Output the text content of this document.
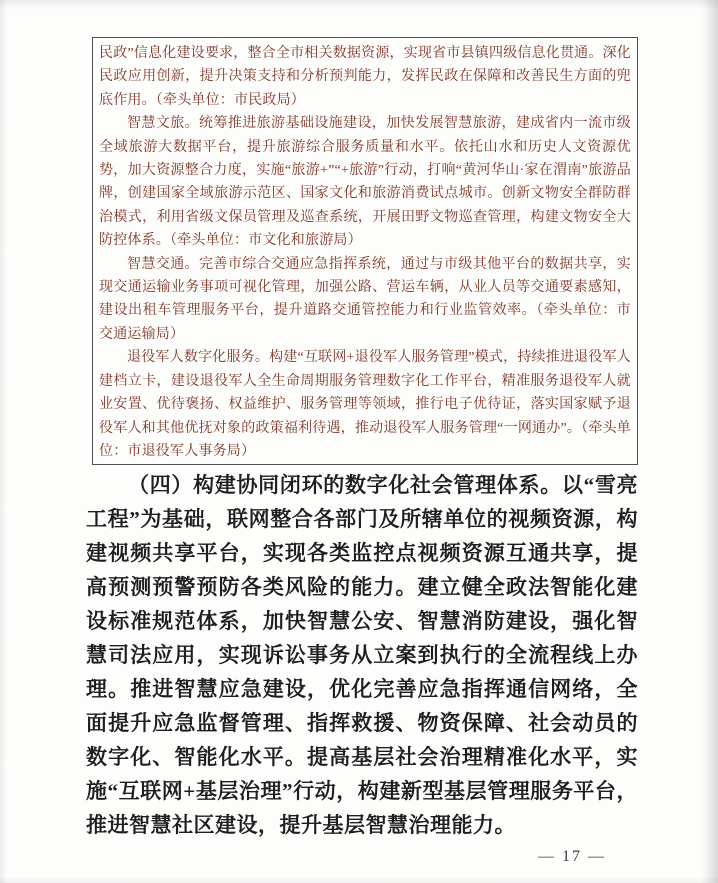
民政”信息化建设要求，整合全市相关数据资源，实现省市县镇四级信息化贯通。深化民政应用创新，提升决策支持和分析预判能力，发挥民政在保障和改善民生方面的兜底作用。（牵头单位：市民政局）

智慧文旅。统筹推进旅游基础设施建设，加快发展智慧旅游，建成省内一流市级全域旅游大数据平台，提升旅游综合服务质量和水平。依托山水和历史人文资源优势，加大资源整合力度，实施“旅游+”“+旅游”行动，打响“黄河华山·家在渭南”旅游品牌，创建国家全域旅游示范区、国家文化和旅游消费试点城市。创新文物安全群防群治模式，利用省级文保员管理及巡查系统，开展田野文物巡查管理，构建文物安全大防控体系。（牵头单位：市文化和旅游局）

智慧交通。完善市综合交通应急指挥系统，通过与市级其他平台的数据共享，实现交通运输业务事项可视化管理，加强公路、营运车辆，从业人员等交通要素感知，建设出租车管理服务平台，提升道路交通管控能力和行业监管效率。（牵头单位：市交通运输局）

退役军人数字化服务。构建“互联网+退役军人服务管理”模式，持续推进退役军人建档立卡，建设退役军人全生命周期服务管理数字化工作平台，精准服务退役军人就业安置、优待褒扬、权益维护、服务管理等领域，推行电子优待证，落实国家赋予退役军人和其他优抚对象的政策福利待遇，推动退役军人服务管理“一网通办”。（牵头单位：市退役军人事务局）

（四）构建协同闭环的数字化社会管理体系。以“雪亮工程”为基础，联网整合各部门及所辖单位的视频资源，构建视频共享平台，实现各类监控点视频资源互通共享，提高预测预警预防各类风险的能力。建立健全政法智能化建设标准规范体系，加快智慧公安、智慧消防建设，强化智慧司法应用，实现诉讼事务从立案到执行的全流程线上办理。推进智慧应急建设，优化完善应急指挥通信网络，全面提升应急监督管理、指挥救援、物资保障、社会动员的数字化、智能化水平。提高基层社会治理精准化水平，实施“互联网+基层治理”行动，构建新型基层管理服务平台，推进智慧社区建设，提升基层智慧治理能力。

— 17 —
